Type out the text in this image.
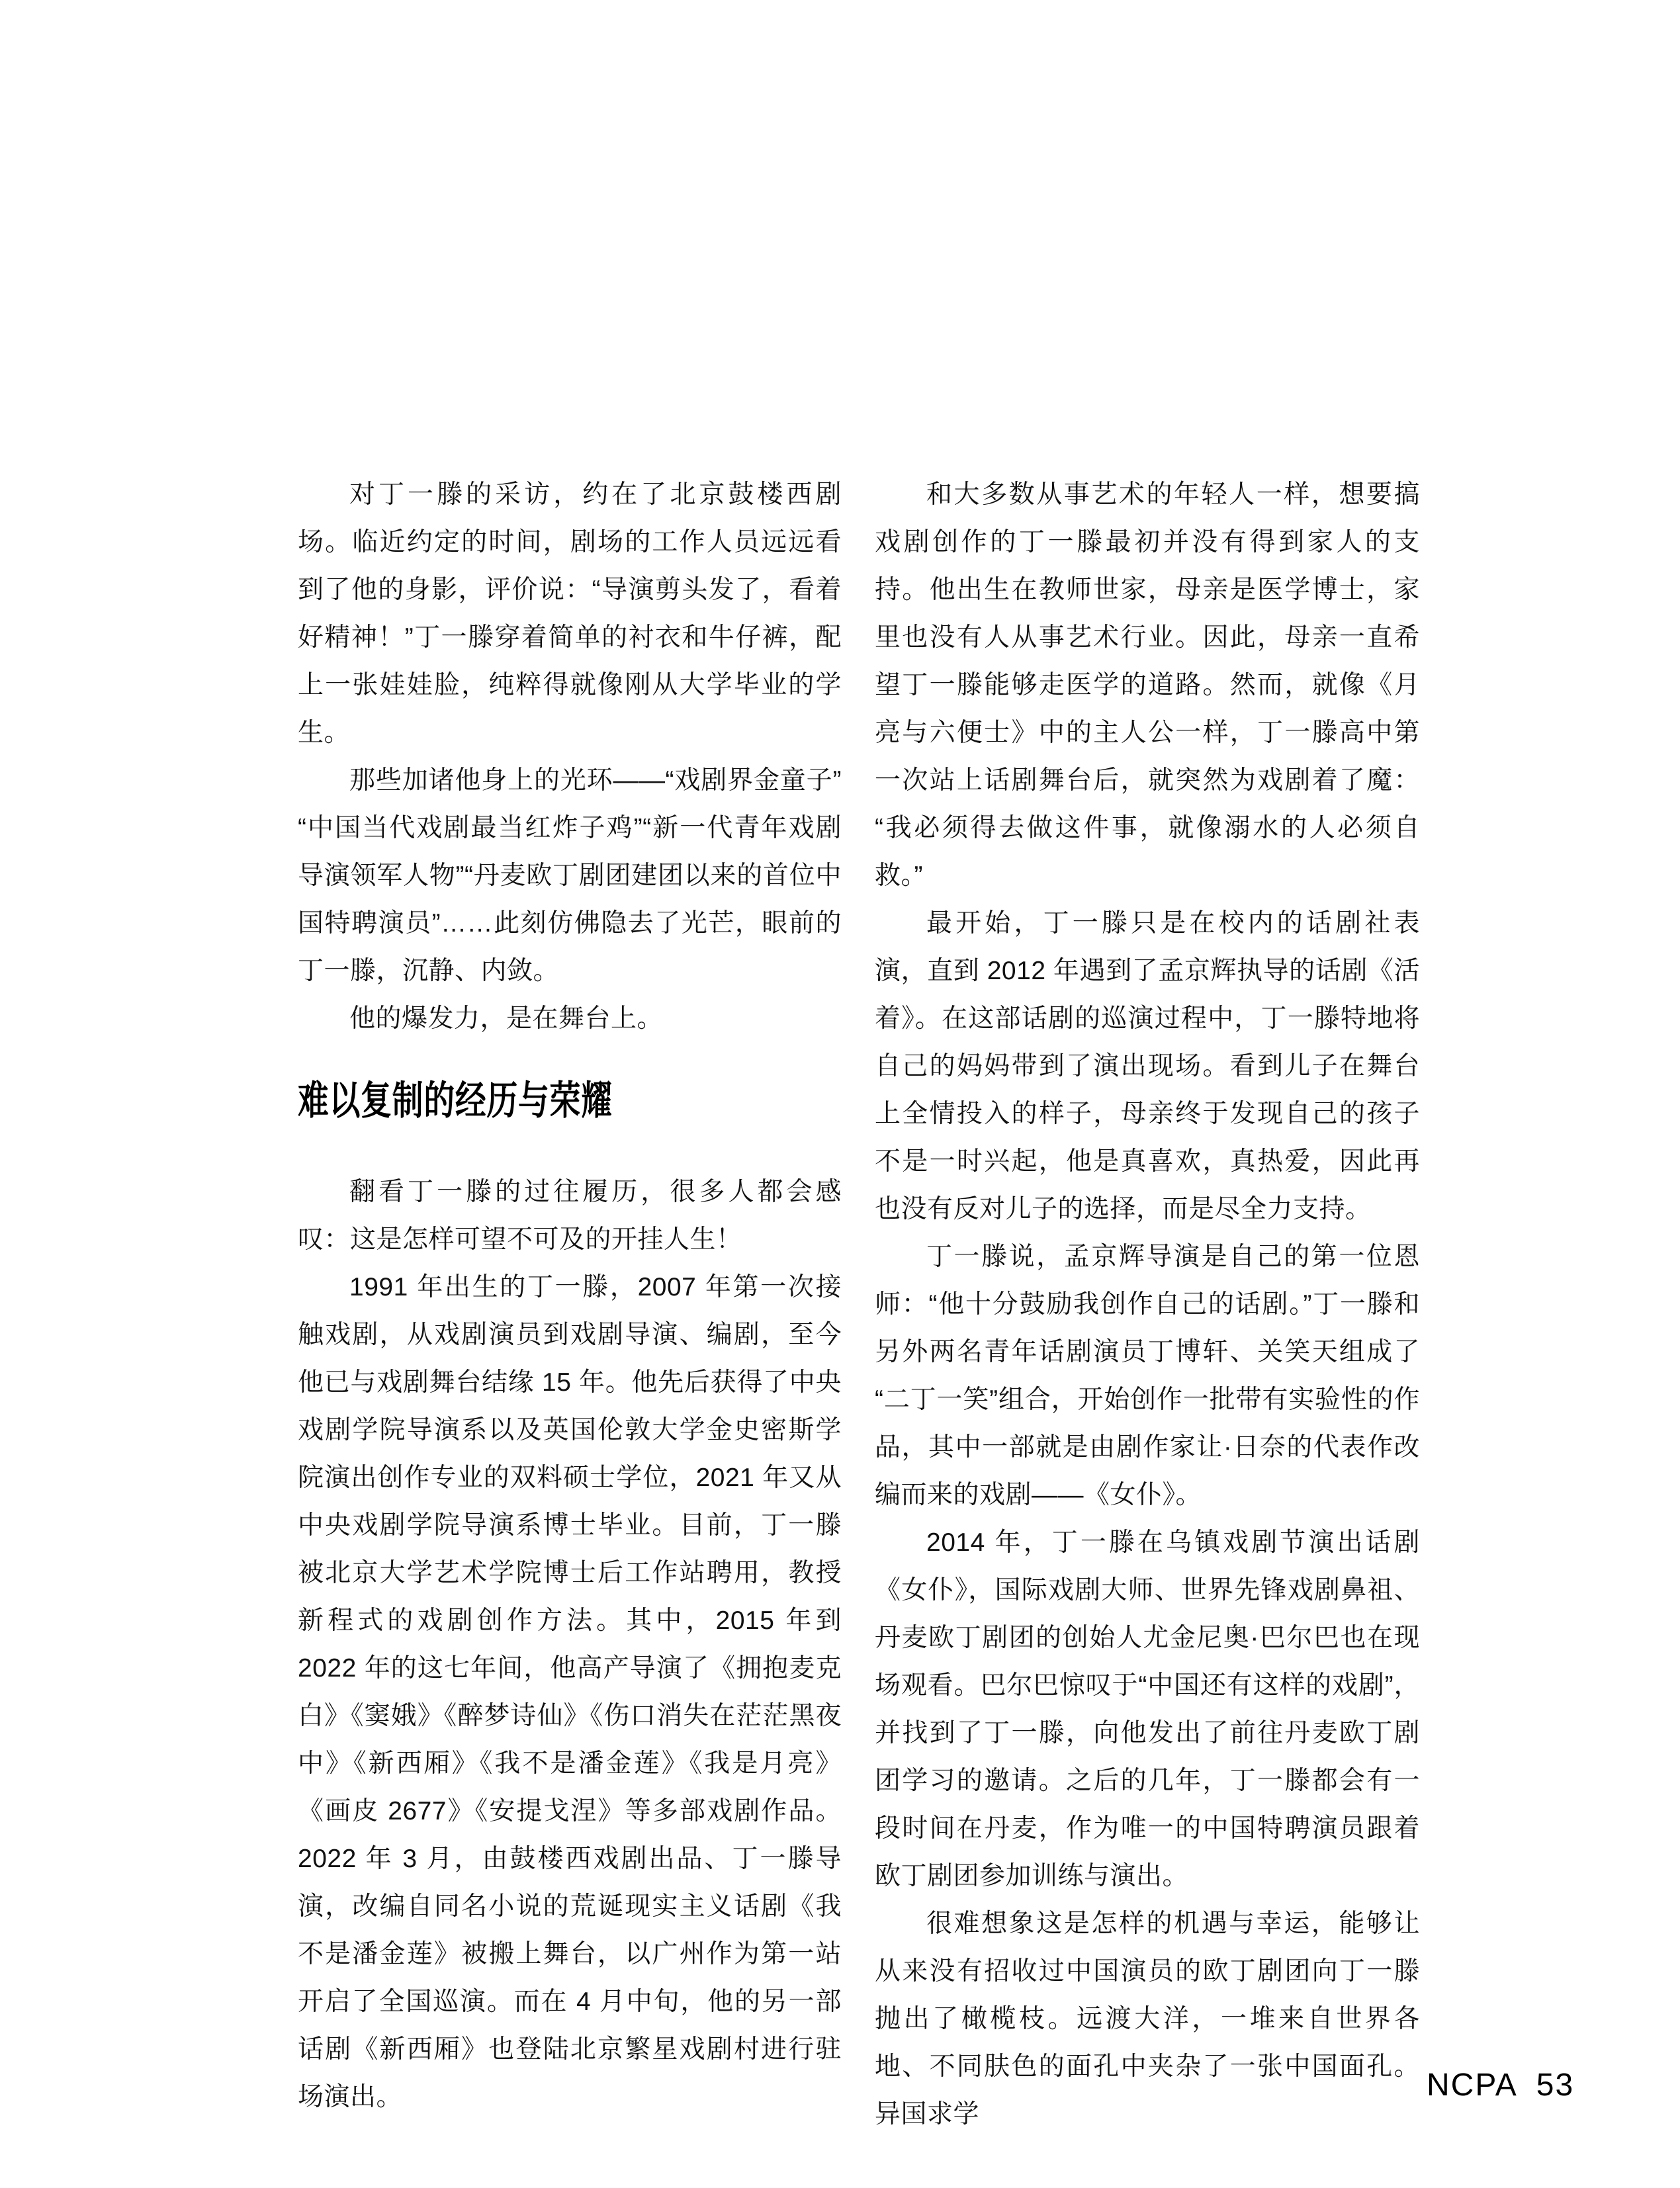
对丁一滕的采访，约在了北京鼓楼西剧场。临近约定的时间，剧场的工作人员远远看到了他的身影，评价说：“导演剪头发了，看着好精神！”丁一滕穿着简单的衬衣和牛仔裤，配上一张娃娃脸，纯粹得就像刚从大学毕业的学生。

那些加诸他身上的光环——“戏剧界金童子”“中国当代戏剧最当红炸子鸡”“新一代青年戏剧导演领军人物”“丹麦欧丁剧团建团以来的首位中国特聘演员”……此刻仿佛隐去了光芒，眼前的丁一滕，沉静、内敛。

他的爆发力，是在舞台上。

难以复制的经历与荣耀

翻看丁一滕的过往履历，很多人都会感叹：这是怎样可望不可及的开挂人生！

1991 年出生的丁一滕，2007 年第一次接触戏剧，从戏剧演员到戏剧导演、编剧，至今他已与戏剧舞台结缘 15 年。他先后获得了中央戏剧学院导演系以及英国伦敦大学金史密斯学院演出创作专业的双料硕士学位，2021 年又从中央戏剧学院导演系博士毕业。目前，丁一滕被北京大学艺术学院博士后工作站聘用，教授新程式的戏剧创作方法。其中，2015 年到 2022 年的这七年间，他高产导演了《拥抱麦克白》《窦娥》《醉梦诗仙》《伤口消失在茫茫黑夜中》《新西厢》《我不是潘金莲》《我是月亮》《画皮 2677》《安提戈涅》等多部戏剧作品。2022 年 3 月，由鼓楼西戏剧出品、丁一滕导演，改编自同名小说的荒诞现实主义话剧《我不是潘金莲》被搬上舞台，以广州作为第一站开启了全国巡演。而在 4 月中旬，他的另一部话剧《新西厢》也登陆北京繁星戏剧村进行驻场演出。

和大多数从事艺术的年轻人一样，想要搞戏剧创作的丁一滕最初并没有得到家人的支持。他出生在教师世家，母亲是医学博士，家里也没有人从事艺术行业。因此，母亲一直希望丁一滕能够走医学的道路。然而，就像《月亮与六便士》中的主人公一样，丁一滕高中第一次站上话剧舞台后，就突然为戏剧着了魔：“我必须得去做这件事，就像溺水的人必须自救。”

最开始，丁一滕只是在校内的话剧社表演，直到 2012 年遇到了孟京辉执导的话剧《活着》。在这部话剧的巡演过程中，丁一滕特地将自己的妈妈带到了演出现场。看到儿子在舞台上全情投入的样子，母亲终于发现自己的孩子不是一时兴起，他是真喜欢，真热爱，因此再也没有反对儿子的选择，而是尽全力支持。

丁一滕说，孟京辉导演是自己的第一位恩师：“他十分鼓励我创作自己的话剧。”丁一滕和另外两名青年话剧演员丁博轩、关笑天组成了“二丁一笑”组合，开始创作一批带有实验性的作品，其中一部就是由剧作家让·日奈的代表作改编而来的戏剧——《女仆》。

2014 年，丁一滕在乌镇戏剧节演出话剧《女仆》，国际戏剧大师、世界先锋戏剧鼻祖、丹麦欧丁剧团的创始人尤金尼奥·巴尔巴也在现场观看。巴尔巴惊叹于“中国还有这样的戏剧”，并找到了丁一滕，向他发出了前往丹麦欧丁剧团学习的邀请。之后的几年，丁一滕都会有一段时间在丹麦，作为唯一的中国特聘演员跟着欧丁剧团参加训练与演出。

很难想象这是怎样的机遇与幸运，能够让从来没有招收过中国演员的欧丁剧团向丁一滕抛出了橄榄枝。远渡大洋，一堆来自世界各地、不同肤色的面孔中夹杂了一张中国面孔。异国求学

NCPA 53
